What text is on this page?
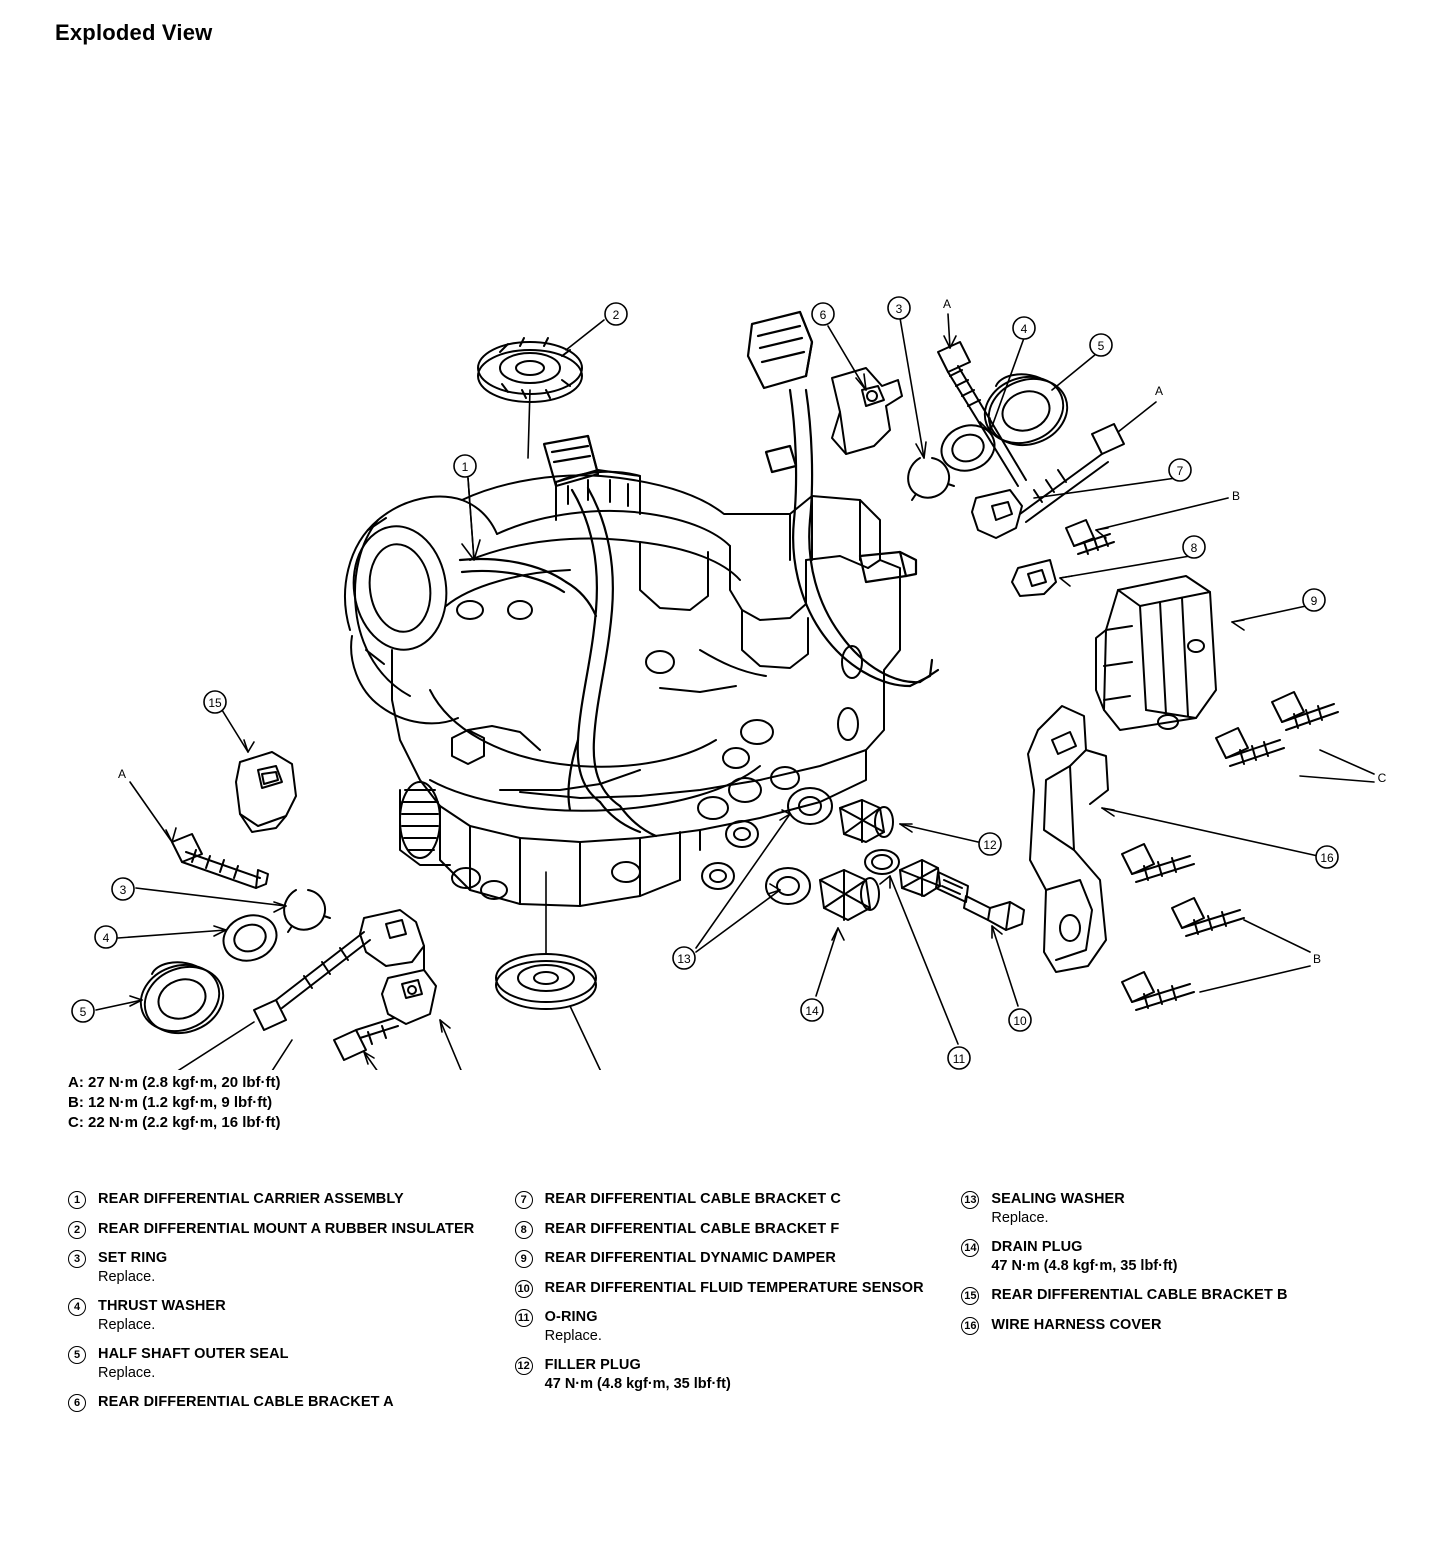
Exploded View
2	6	3	A
4
5
A
7
B
8
9
1
C
16
15
A
3
4
5
13
14
11
10
12
B
A: 27 N·m (2.8 kgf·m, 20 lbf·ft)
B: 12 N·m (1.2 kgf·m, 9 lbf·ft)
C: 22 N·m (2.2 kgf·m, 16 lbf·ft)
1	REAR DIFFERENTIAL CARRIER ASSEMBLY
2	REAR DIFFERENTIAL MOUNT A RUBBER INSULATER
3	SET RING
Replace.
4	THRUST WASHER
Replace.
5	HALF SHAFT OUTER SEAL
Replace.
6	REAR DIFFERENTIAL CABLE BRACKET A
7	REAR DIFFERENTIAL CABLE BRACKET C
8	REAR DIFFERENTIAL CABLE BRACKET F
9	REAR DIFFERENTIAL DYNAMIC DAMPER
10 REAR DIFFERENTIAL FLUID TEMPERATURE SENSOR
11 O-RING
Replace.
12 FILLER PLUG
47 N·m (4.8 kgf·m, 35 lbf·ft)
13 SEALING WASHER
Replace.
14 DRAIN PLUG
47 N·m (4.8 kgf·m, 35 lbf·ft)
15 REAR DIFFERENTIAL CABLE BRACKET B
16 WIRE HARNESS COVER
